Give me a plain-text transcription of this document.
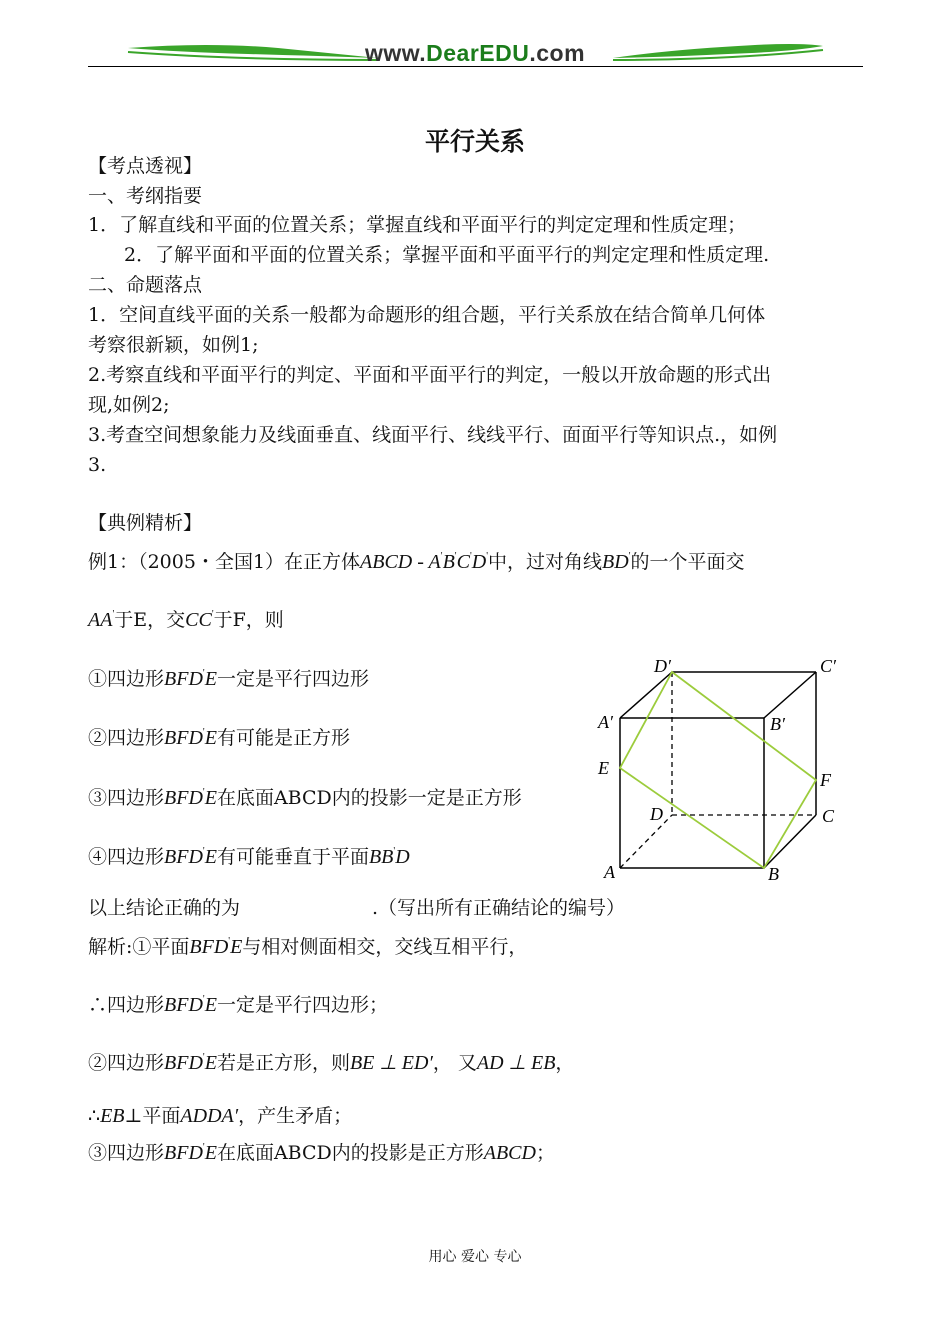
www.DearEDU.com
平行关系
【考点透视】
一、考纲指要
1．了解直线和平面的位置关系；掌握直线和平面平行的判定定理和性质定理；
2．了解平面和平面的位置关系；掌握平面和平面平行的判定定理和性质定理.
二、命题落点
1．空间直线平面的关系一般都为命题形的组合题，平行关系放在结合简单几何体
考察很新颖，如例1;
2.考察直线和平面平行的判定、平面和平面平行的判定，一般以开放命题的形式出
现,如例2;
3.考查空间想象能力及线面垂直、线面平行、线线平行、面面平行等知识点.，如例
3.
【典例精析】
例1：（2005・全国1）在正方体ABCD - A'B'C'D'中，过对角线BD'的一个平面交
AA'于E，交CC'于F，则
①四边形BFD'E一定是平行四边形
②四边形BFD'E有可能是正方形
③四边形BFD'E在底面ABCD内的投影一定是正方形
④四边形BFD'E有可能垂直于平面BB'D
以上结论正确的为	.（写出所有正确结论的编号）
解析:①平面BFD'E与相对侧面相交，交线互相平行，
∴四边形BFD'E一定是平行四边形；
②四边形BFD'E若是正方形，则BE ⊥ ED′， 又AD ⊥ EB，
∴EB⊥平面ADDA′，产生矛盾；
③四边形BFD'E在底面ABCD内的投影是正方形ABCD；
D′	C′
A′	B′
E
F
D	C
A	B
用心 爱心 专心
